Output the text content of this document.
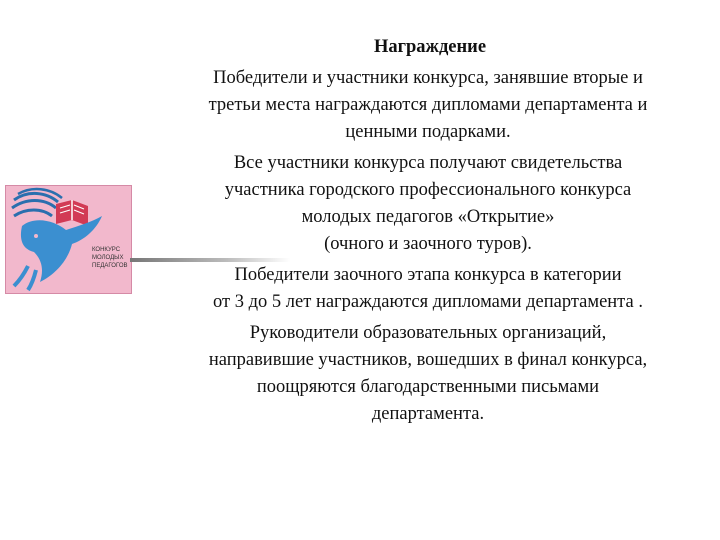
КОНКУРС
МОЛОДЫХ
ПЕДАГОГОВ
Награждение
Победители и участники конкурса, занявшие вторые и
третьи места награждаются дипломами департамента и
ценными подарками.
Все участники конкурса получают свидетельства
участника городского профессионального конкурса
молодых педагогов «Открытие»
(очного и заочного туров).
Победители заочного этапа конкурса в категории
от 3 до 5 лет награждаются дипломами департамента .
Руководители образовательных организаций,
направившие участников, вошедших в финал конкурса,
поощряются благодарственными письмами
департамента.
